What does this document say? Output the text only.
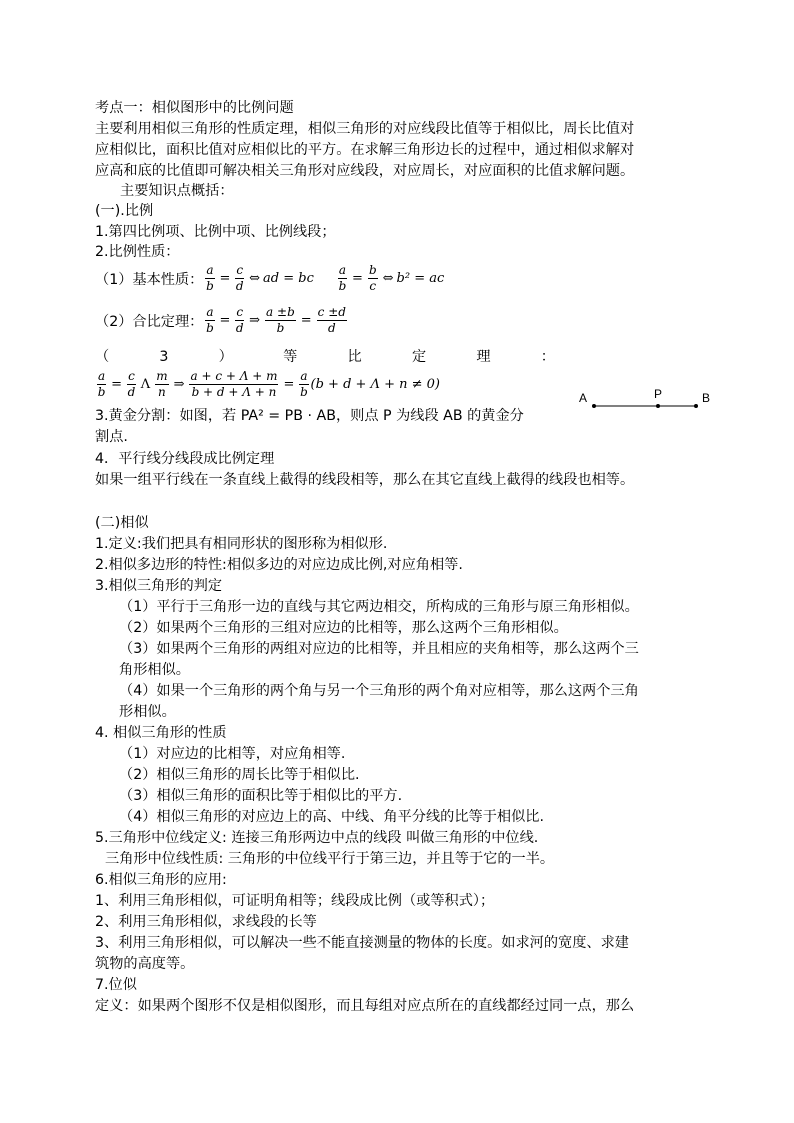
考点一：相似图形中的比例问题
主要利用相似三角形的性质定理，相似三角形的对应线段比值等于相似比，周长比值对
应相似比，面积比值对应相似比的平方。在求解三角形边长的过程中，通过相似求解对
应高和底的比值即可解决相关三角形对应线段，对应周长，对应面积的比值求解问题。
主要知识点概括：
(一).比例
1.第四比例项、比例中项、比例线段；
2.比例性质：
（1）基本性质： $\frac{a}{b} = \frac{c}{d}$ ⇔ ad = bc $\frac{a}{b} = \frac{b}{c}$ ⇔ b² = ac
（2）合比定理： $\frac{a}{b} = \frac{c}{d}$ ⇒ $\frac{a \pm b}{b} = \frac{c \pm d}{d}$
（	3	）	等	比	定	理	：
$\frac{a}{b} = \frac{c}{d}$ Λ $\frac{m}{n}$ ⇒ $\frac{a + c + \Lambda + m}{b + d + \Lambda + n} = \frac{a}{b} (b + d + \Lambda + n \ne 0)$
3.黄金分割：如图，若 PA² = PB · AB，则点 P 为线段 AB 的黄金分
割点.
4．平行线分线段成比例定理
如果一组平行线在一条直线上截得的线段相等，那么在其它直线上截得的线段也相等。
(二)相似
1.定义:我们把具有相同形状的图形称为相似形.
2.相似多边形的特性:相似多边的对应边成比例,对应角相等.
3.相似三角形的判定
（1）平行于三角形一边的直线与其它两边相交，所构成的三角形与原三角形相似。
（2）如果两个三角形的三组对应边的比相等，那么这两个三角形相似。
（3）如果两个三角形的两组对应边的比相等，并且相应的夹角相等，那么这两个三
角形相似。
（4）如果一个三角形的两个角与另一个三角形的两个角对应相等，那么这两个三角
形相似。
4. 相似三角形的性质
（1）对应边的比相等，对应角相等.
（2）相似三角形的周长比等于相似比.
（3）相似三角形的面积比等于相似比的平方.
（4）相似三角形的对应边上的高、中线、角平分线的比等于相似比.
5.三角形中位线定义: 连接三角形两边中点的线段 叫做三角形的中位线.
三角形中位线性质: 三角形的中位线平行于第三边，并且等于它的一半。
6.相似三角形的应用:
1、利用三角形相似，可证明角相等；线段成比例（或等积式）；
2、利用三角形相似，求线段的长等
3、利用三角形相似，可以解决一些不能直接测量的物体的长度。如求河的宽度、求建
筑物的高度等。
7.位似
定义：如果两个图形不仅是相似图形，而且每组对应点所在的直线都经过同一点，那么
A	P	B
